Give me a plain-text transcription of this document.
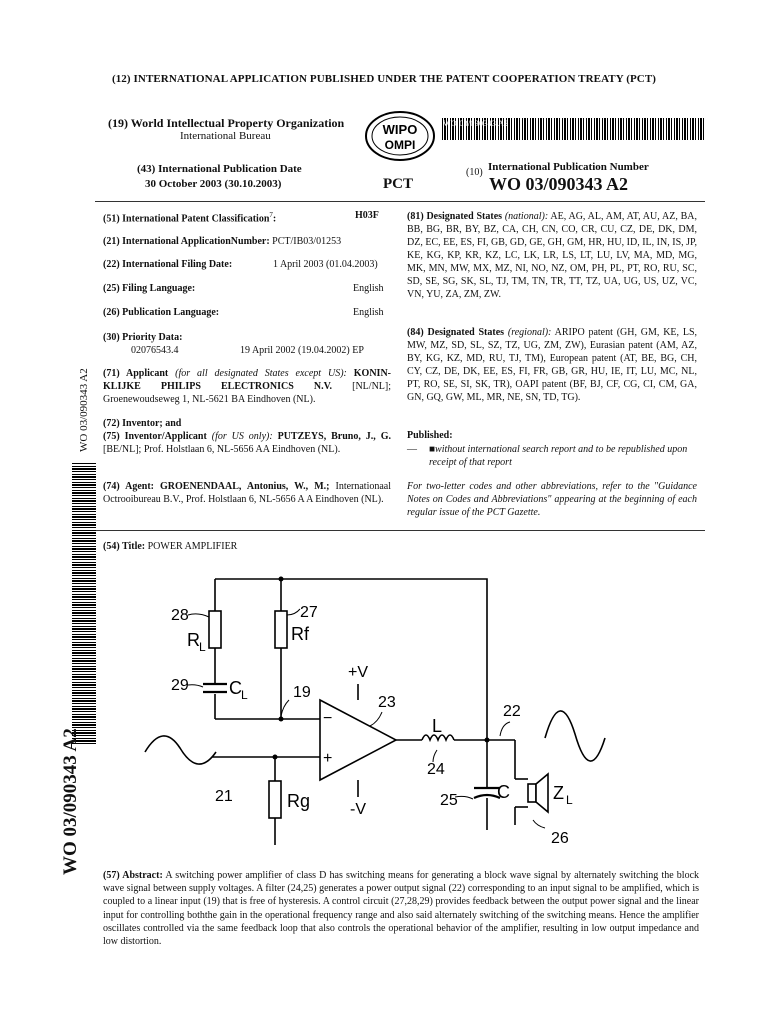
(12) INTERNATIONAL APPLICATION PUBLISHED UNDER THE PATENT COOPERATION TREATY (PCT)
(19) World Intellectual Property Organization
International Bureau	WIPO
OMPI
WO 03/090343 A2
(43) International Publication Date
30 October 2003 (30.10.2003)	PCT
(10) International Publication Number
WO 03/090343 A2
(51) International Patent Classification$^7$:	H03F
(21) International ApplicationNumber: PCT/IB03/01253
(22) International Filing Date:	1 April 2003 (01.04.2003)
(25) Filing Language:	English
(26) Publication Language:	English
(30) Priority Data:
02076543.4	19 April 2002 (19.04.2002) EP
(71) Applicant (for all designated States except US): KONIN-KLIJKE PHILIPS ELECTRONICS N.V. [NL/NL]; Groenewoudseweg 1, NL-5621 BA Eindhoven (NL).
(72) Inventor; and
(75) Inventor/Applicant (for US only): PUTZEYS, Bruno, J., G. [BE/NL]; Prof. Holstlaan 6, NL-5656 AA Eindhoven (NL).
(74) Agent: GROENENDAAL, Antonius, W., M.; Internationaal Octrooibureau B.V., Prof. Holstlaan 6, NL-5656 A A Eindhoven (NL).
(81) Designated States (national): AE, AG, AL, AM, AT, AU, AZ, BA, BB, BG, BR, BY, BZ, CA, CH, CN, CO, CR, CU, CZ, DE, DK, DM, DZ, EC, EE, ES, FI, GB, GD, GE, GH, GM, HR, HU, ID, IL, IN, IS, JP, KE, KG, KP, KR, KZ, LC, LK, LR, LS, LT, LU, LV, MA, MD, MG, MK, MN, MW, MX, MZ, NI, NO, NZ, OM, PH, PL, PT, RO, RU, SC, SD, SE, SG, SK, SL, TJ, TM, TN, TR, TT, TZ, UA, UG, US, UZ, VC, VN, YU, ZA, ZM, ZW.
(84) Designated States (regional): ARIPO patent (GH, GM, KE, LS, MW, MZ, SD, SL, SZ, TZ, UG, ZM, ZW), Eurasian patent (AM, AZ, BY, KG, KZ, MD, RU, TJ, TM), European patent (AT, BE, BG, CH, CY, CZ, DE, DK, EE, ES, FI, FR, GB, GR, HU, IE, IT, LU, MC, NL, PT, RO, SE, SI, SK, TR), OAPI patent (BF, BJ, CF, CG, CI, CM, GA, GN, GQ, GW, ML, MR, NE, SN, TD, TG).
Published:
— ■without international search report and to be republished upon receipt of that report
For two-letter codes and other abbreviations, refer to the "Guidance Notes on Codes and Abbreviations" appearing at the beginning of each regular issue of the PCT Gazette.
WO 03/090343 A2
WO 03/090343 A2
(54) Title: POWER AMPLIFIER
28	27
R L
Rf
29 C L	19
+V
23
22
L
−
+
24
21	Rg -V
25 C Z L
26
(57) Abstract: A switching power amplifier of class D has switching means for generating a block wave signal by alternately switching the block wave signal between supply voltages. A filter (24,25) generates a power output signal (22) corresponding to an input signal to be amplified, which is coupled to a linear input (19) that is free of hysteresis. A control circuit (27,28,29) provides feedback between the output power signal and the linear input for controlling boththe gain in the operational frequency range and also said alternately switching of the switching means. Hence the amplifier oscillates controlled via the same feedback loop that also controls the operational behavior of the amplifier, resulting in low output impedance and low distortion.
